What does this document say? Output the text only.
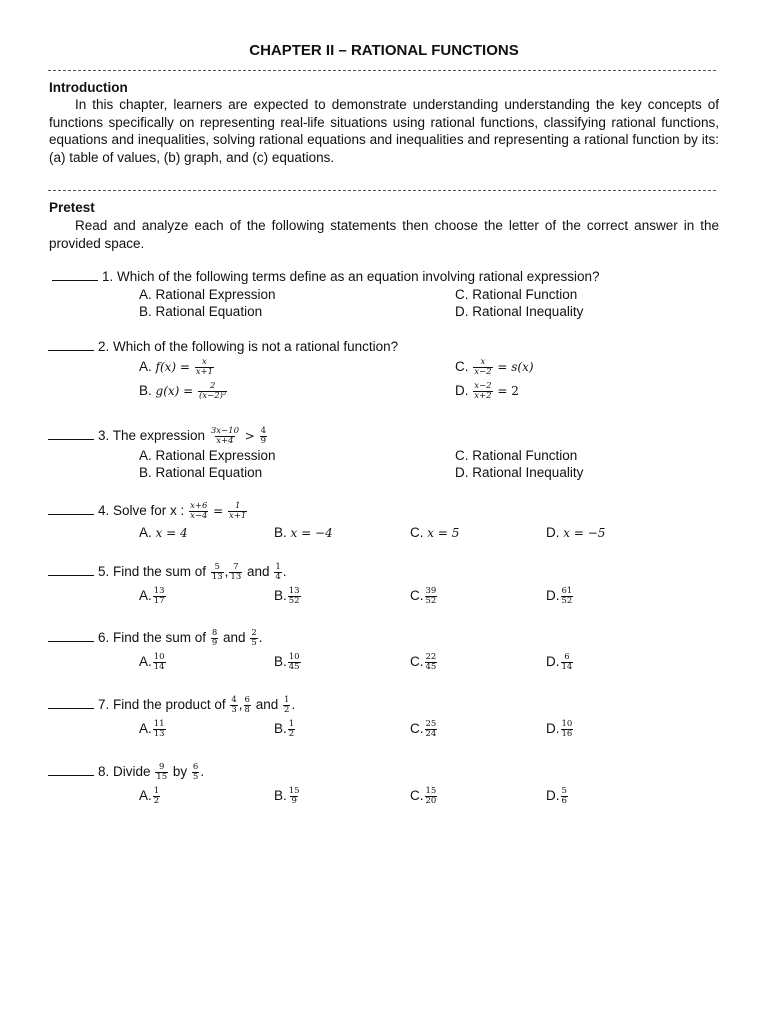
CHAPTER II – RATIONAL FUNCTIONS
Introduction
In this chapter, learners are expected to demonstrate understanding understanding the key concepts of functions specifically on representing real-life situations using rational functions, classifying rational functions, equations and inequalities, solving rational equations and inequalities and representing a rational function by its: (a) table of values, (b) graph, and (c) equations.
Pretest
Read and analyze each of the following statements then choose the letter of the correct answer in the provided space.
1. Which of the following terms define as an equation involving rational expression?
A. Rational Expression	C. Rational Function
B. Rational Equation	D. Rational Inequality
2. Which of the following is not a rational function?
A. $f(x) = \frac{x}{x+1}$	C. $\frac{x}{x-2} = s(x)$
B. $g(x) = \frac{2}{\text{(x−2)²}}$	D. $\frac{x-2}{x+2} = 2$
3. The expression $\frac{3x-10}{x+4} > \frac{4}{9}$
A. Rational Expression	C. Rational Function
B. Rational Equation	D. Rational Inequality
4. Solve for x : $\frac{x+6}{x-4} = \frac{1}{x+1}$
A. x = 4	B. x = −4	C. x = 5	D. x = −5
5. Find the sum of $\frac{5}{13}$ , $\frac{7}{13}$ and $\frac{1}{4}$ .
A. $\frac{13}{17}$	B. $\frac{13}{52}$	C. $\frac{39}{52}$	D. $\frac{61}{52}$
6. Find the sum of $\frac{8}{9}$ and $\frac{2}{5}$ .
A. $\frac{10}{14}$	B. $\frac{10}{45}$	C. $\frac{22}{45}$	D. $\frac{6}{14}$
7. Find the product of $\frac{4}{3}$ , $\frac{6}{8}$ and $\frac{1}{2}$ .
A. $\frac{11}{13}$	B. $\frac{1}{2}$	C. $\frac{25}{24}$	D. $\frac{10}{16}$
8. Divide $\frac{9}{15}$ by $\frac{6}{5}$ .
A. $\frac{1}{2}$	B. $\frac{15}{9}$	C. $\frac{15}{20}$	D. $\frac{5}{6}$
